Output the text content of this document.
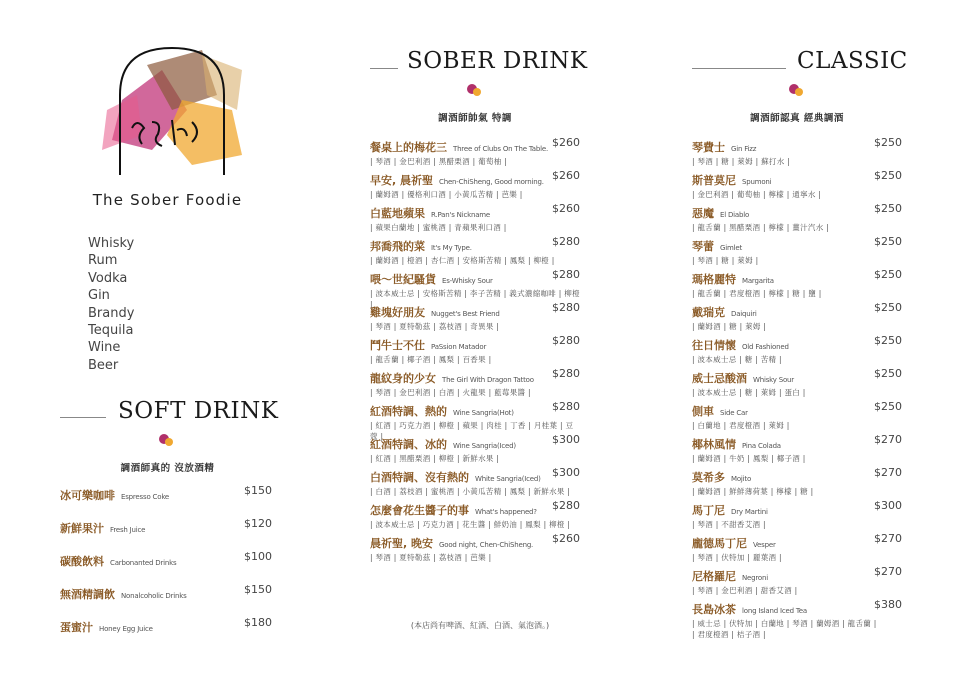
The Sober Foodie
Whisky
Rum
Vodka
Gin
Brandy
Tequila
Wine
Beer
SOFT DRINK
調酒師真的 沒放酒精
冰可樂咖啡 Espresso Coke	$150
新鮮果汁 Fresh Juice	$120
碳酸飲料 Carbonanted Drinks	$100
無酒精調飲 Nonalcoholic Drinks	$150
蛋蜜汁 Honey Egg Juice	$180
SOBER DRINK
調酒師帥氣 特調
餐桌上的梅花三 Three of Clubs On The Table. $260
| 琴酒 | 金巴利酒 | 黑醋栗酒 | 葡萄柚 |
早安, 晨祈聖 Chen-ChiSheng, Good morning. $260
| 蘭姆酒 | 優格利口酒 | 小黃瓜苦精 | 芭樂 |
白藍地蘋果 R.Pan's Nickname	$260
| 蘋果白蘭地 | 蜜桃酒 | 青蘋果利口酒 |
邦喬飛的菜 It's My Type.	$280
| 蘭姆酒 | 橙酒 | 杏仁酒 | 安格斯苦精 | 鳳梨 | 柳橙 |
喂～世紀騷貨 Es-Whisky Sour	$280
| 波本威士忌 | 安格斯苦精 | 李子苦精 | 義式濃縮咖啡 | 柳橙 |
雞塊好朋友 Nugget's Best Friend	$280
| 琴酒 | 夏特勒茲 | 荔枝酒 | 奇異果 |
鬥牛士不仕 PaSsion Matador	$280
| 龍舌蘭 | 椰子酒 | 鳳梨 | 百香果 |
龍紋身的少女 The Girl With Dragon Tattoo $280
| 琴酒 | 金巴利酒 | 白酒 | 火龍果 | 藍莓果醬 |
紅酒特調、熱的 Wine Sangria(Hot)	$280
| 紅酒 | 巧克力酒 | 柳橙 | 蘋果 | 肉桂 | 丁香 | 月桂葉 | 豆蔻 |
紅酒特調、冰的 Wine Sangria(Iced)	$300
| 紅酒 | 黑醋栗酒 | 柳橙 | 新鮮水果 |
白酒特調、沒有熱的 White Sangria(Iced) $300
| 白酒 | 荔枝酒 | 蜜桃酒 | 小黃瓜苦精 | 鳳梨 | 新鮮水果 |
怎麼會花生醬子的事 What's happened? $280
| 波本威士忌 | 巧克力酒 | 花生醬 | 鮮奶油 | 鳳梨 | 柳橙 |
晨祈聖, 晚安 Good night, Chen-ChiSheng. $260
| 琴酒 | 夏特勒茲 | 荔枝酒 | 芭樂 |
(本店尚有啤酒、紅酒、白酒、氣泡酒。)
CLASSIC
調酒師認真 經典調酒
琴費士 Gin Fizz	$250
| 琴酒 | 糖 | 萊姆 | 蘇打水 |
斯普莫尼 Spumoni	$250
| 金巴利酒 | 葡萄柚 | 檸檬 | 通寧水 |
惡魔 El Diablo	$250
| 龍舌蘭 | 黑醋栗酒 | 檸檬 | 薑汁汽水 |
琴蕾 Gimlet	$250
| 琴酒 | 糖 | 萊姆 |
瑪格麗特 Margarita	$250
| 龍舌蘭 | 君度橙酒 | 檸檬 | 糖 | 鹽 |
戴瑞克 Daiquiri	$250
| 蘭姆酒 | 糖 | 萊姆 |
往日情懷 Old Fashioned	$250
| 波本威士忌 | 糖 | 苦精 |
威士忌酸酒 Whisky Sour	$250
| 波本威士忌 | 糖 | 萊姆 | 蛋白 |
側車 Side Car	$250
| 白蘭地 | 君度橙酒 | 萊姆 |
椰林風情 Pina Colada	$270
| 蘭姆酒 | 牛奶 | 鳳梨 | 椰子酒 |
莫希多 Mojito	$270
| 蘭姆酒 | 鮮鮮薄荷葉 | 檸檬 | 糖 |
馬丁尼 Dry Martini	$300
| 琴酒 | 不甜香艾酒 |
龐德馬丁尼 Vesper	$270
| 琴酒 | 伏特加 | 麗葉酒 |
尼格羅尼 Negroni	$270
| 琴酒 | 金巴利酒 | 甜香艾酒 |
長島冰茶 long Island Iced Tea	$380
| 威士忌 | 伏特加 | 白蘭地 | 琴酒 | 蘭姆酒 | 龍舌蘭 |
| 君度橙酒 | 桔子酒 |
